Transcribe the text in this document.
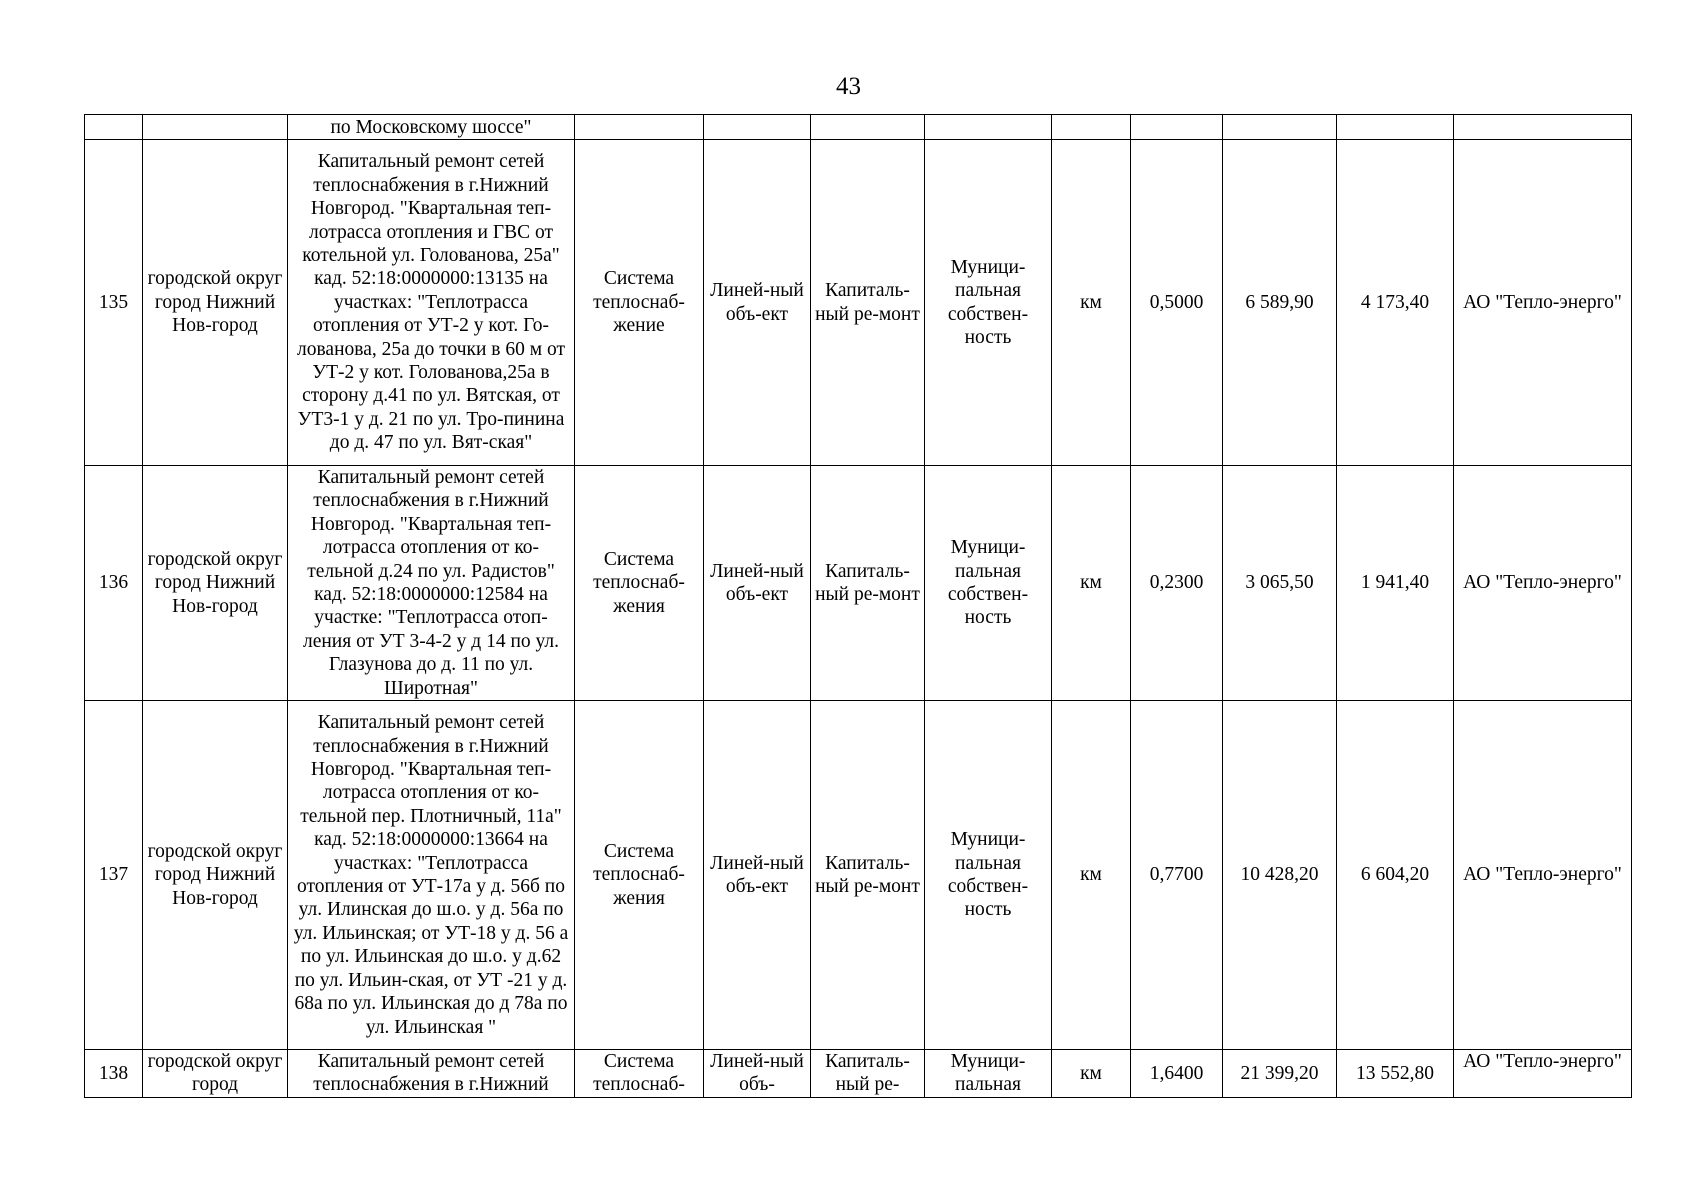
43
		по Московскому шоссе"									
135	городской округ город Нижний Нов-город	Капитальный ремонт сетей теплоснабжения в г.Нижний Новгород. "Квартальная теп-лотрасса отопления и ГВС от котельной ул. Голованова, 25а" кад. 52:18:0000000:13135 на участках: "Теплотрасса отопления от УТ-2 у кот. Го-лованова, 25а до точки в 60 м от УТ-2 у кот. Голованова,25а в сторону д.41 по ул. Вятская, от УТ3-1 у д. 21 по ул. Тро-пинина до д. 47 по ул. Вят-ская"	Система теплоснаб-жение	Линей-ный объ-ект	Капиталь-ный ре-монт	Муници-пальная собствен-ность	км	0,5000	6 589,90	4 173,40	АО "Тепло-энерго"
136	городской округ город Нижний Нов-город	Капитальный ремонт сетей теплоснабжения в г.Нижний Новгород. "Квартальная теп-лотрасса отопления от ко-тельной д.24 по ул. Радистов" кад. 52:18:0000000:12584 на участке: "Теплотрасса отоп-ления от УТ 3-4-2 у д 14 по ул. Глазунова до д. 11 по ул. Широтная"	Система теплоснаб-жения	Линей-ный объ-ект	Капиталь-ный ре-монт	Муници-пальная собствен-ность	км	0,2300	3 065,50	1 941,40	АО "Тепло-энерго"
137	городской округ город Нижний Нов-город	Капитальный ремонт сетей теплоснабжения в г.Нижний Новгород. "Квартальная теп-лотрасса отопления от ко-тельной пер. Плотничный, 11а" кад. 52:18:0000000:13664 на участках: "Теплотрасса отопления от УТ-17а у д. 56б по ул. Илинская до ш.о. у д. 56а по ул. Ильинская; от УТ-18 у д. 56 а по ул. Ильинская до ш.о. у д.62 по ул. Ильин-ская, от УТ -21 у д. 68а по ул. Ильинская до д 78а по ул. Ильинская "	Система теплоснаб-жения	Линей-ный объ-ект	Капиталь-ный ре-монт	Муници-пальная собствен-ность	км	0,7700	10 428,20	6 604,20	АО "Тепло-энерго"
138	городской округ город	Капитальный ремонт сетей теплоснабжения в г.Нижний	Система теплоснаб-	Линей-ный объ-	Капиталь-ный ре-	Муници-пальная	км	1,6400	21 399,20	13 552,80	АО "Тепло-энерго"
